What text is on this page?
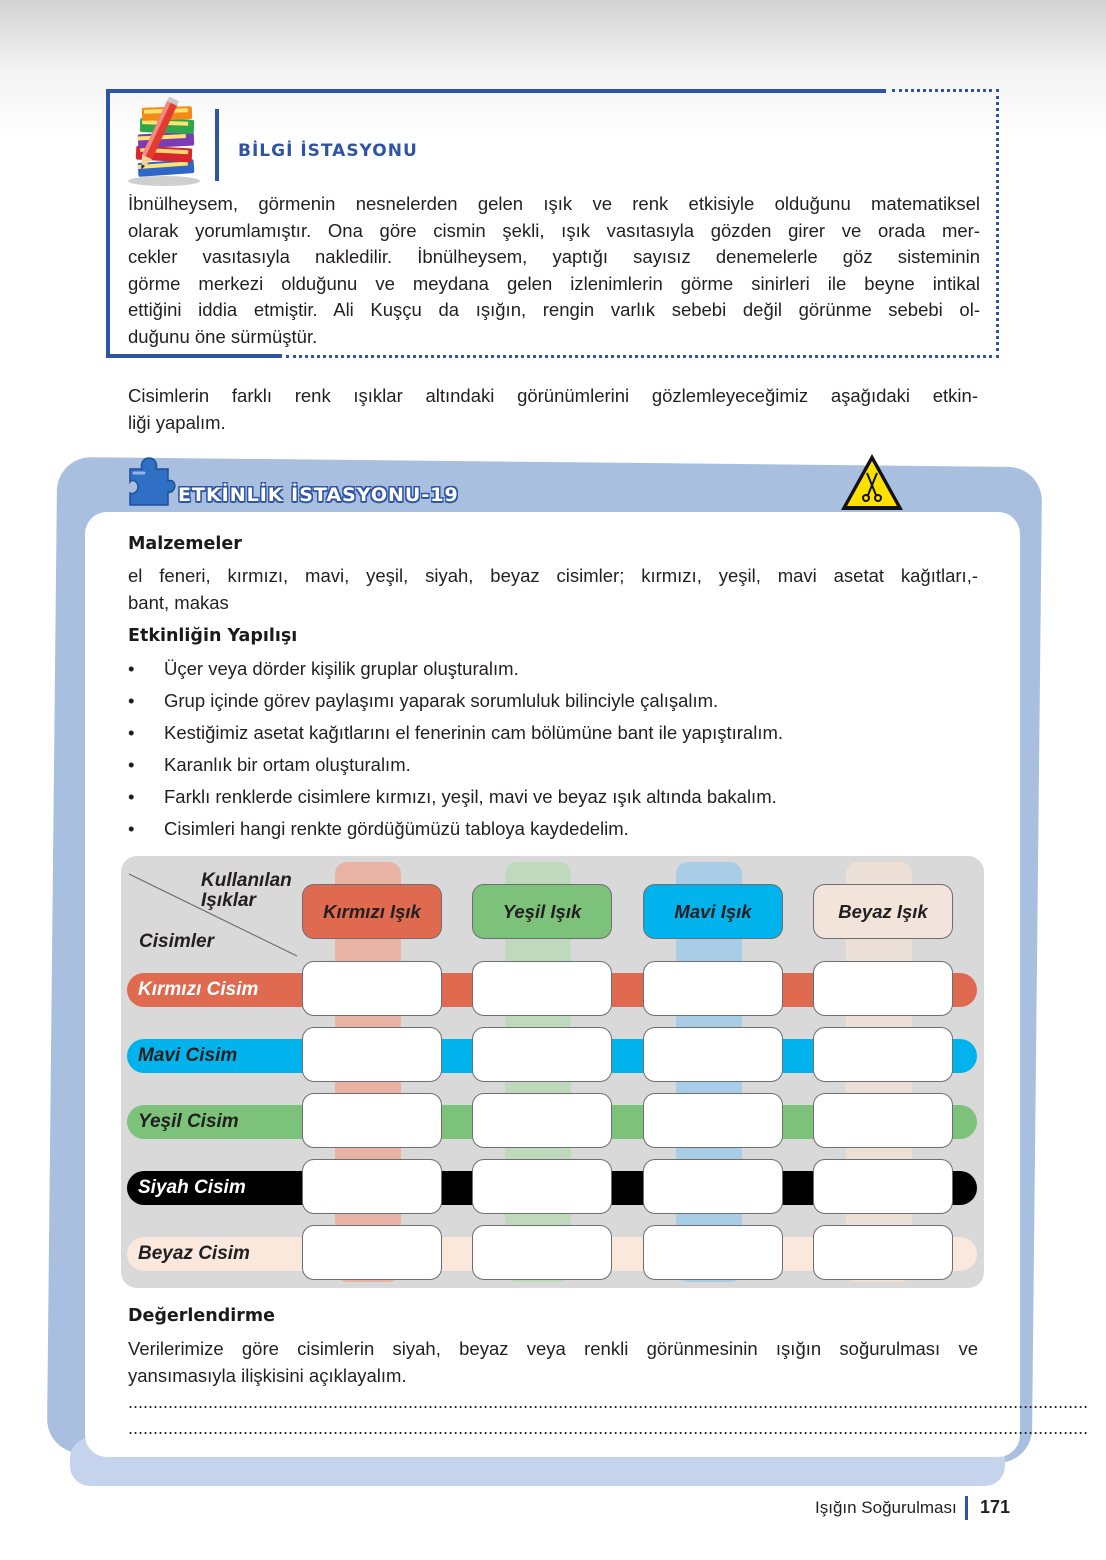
BİLGİ İSTASYONU
İbnülheysem, görmenin nesnelerden gelen ışık ve renk etkisiyle olduğunu matematiksel
olarak yorumlamıştır. Ona göre cismin şekli, ışık vasıtasıyla gözden girer ve orada mer-
cekler vasıtasıyla nakledilir. İbnülheysem, yaptığı sayısız denemelerle göz sisteminin
görme merkezi olduğunu ve meydana gelen izlenimlerin görme sinirleri ile beyne intikal
ettiğini iddia etmiştir. Ali Kuşçu da ışığın, rengin varlık sebebi değil görünme sebebi ol-
duğunu öne sürmüştür.
Cisimlerin farklı renk ışıklar altındaki görünümlerini gözlemleyeceğimiz aşağıdaki etkin-
liği yapalım.
ETKİNLİK İSTASYONU-19
Malzemeler
el feneri, kırmızı, mavi, yeşil, siyah, beyaz cisimler; kırmızı, yeşil, mavi asetat kağıtları,-
bant, makas
Etkinliğin Yapılışı
• Üçer veya dörder kişilik gruplar oluşturalım.
• Grup içinde görev paylaşımı yaparak sorumluluk bilinciyle çalışalım.
• Kestiğimiz asetat kağıtlarını el fenerinin cam bölümüne bant ile yapıştıralım.
• Karanlık bir ortam oluşturalım.
• Farklı renklerde cisimlere kırmızı, yeşil, mavi ve beyaz ışık altında bakalım.
• Cisimleri hangi renkte gördüğümüzü tabloya kaydedelim.
Kullanılan
Işıklar
Cisimler
Kırmızı Işık	Yeşil Işık	Mavi Işık	Beyaz Işık
Kırmızı Cisim
Mavi Cisim
Yeşil Cisim
Siyah Cisim
Beyaz Cisim
Değerlendirme
Verilerimize göre cisimlerin siyah, beyaz veya renkli görünmesinin ışığın soğurulması ve
yansımasıyla ilişkisini açıklayalım.
................................................................................................................................................................................................
................................................................................................................................................................................................
Işığın Soğurulması 171
